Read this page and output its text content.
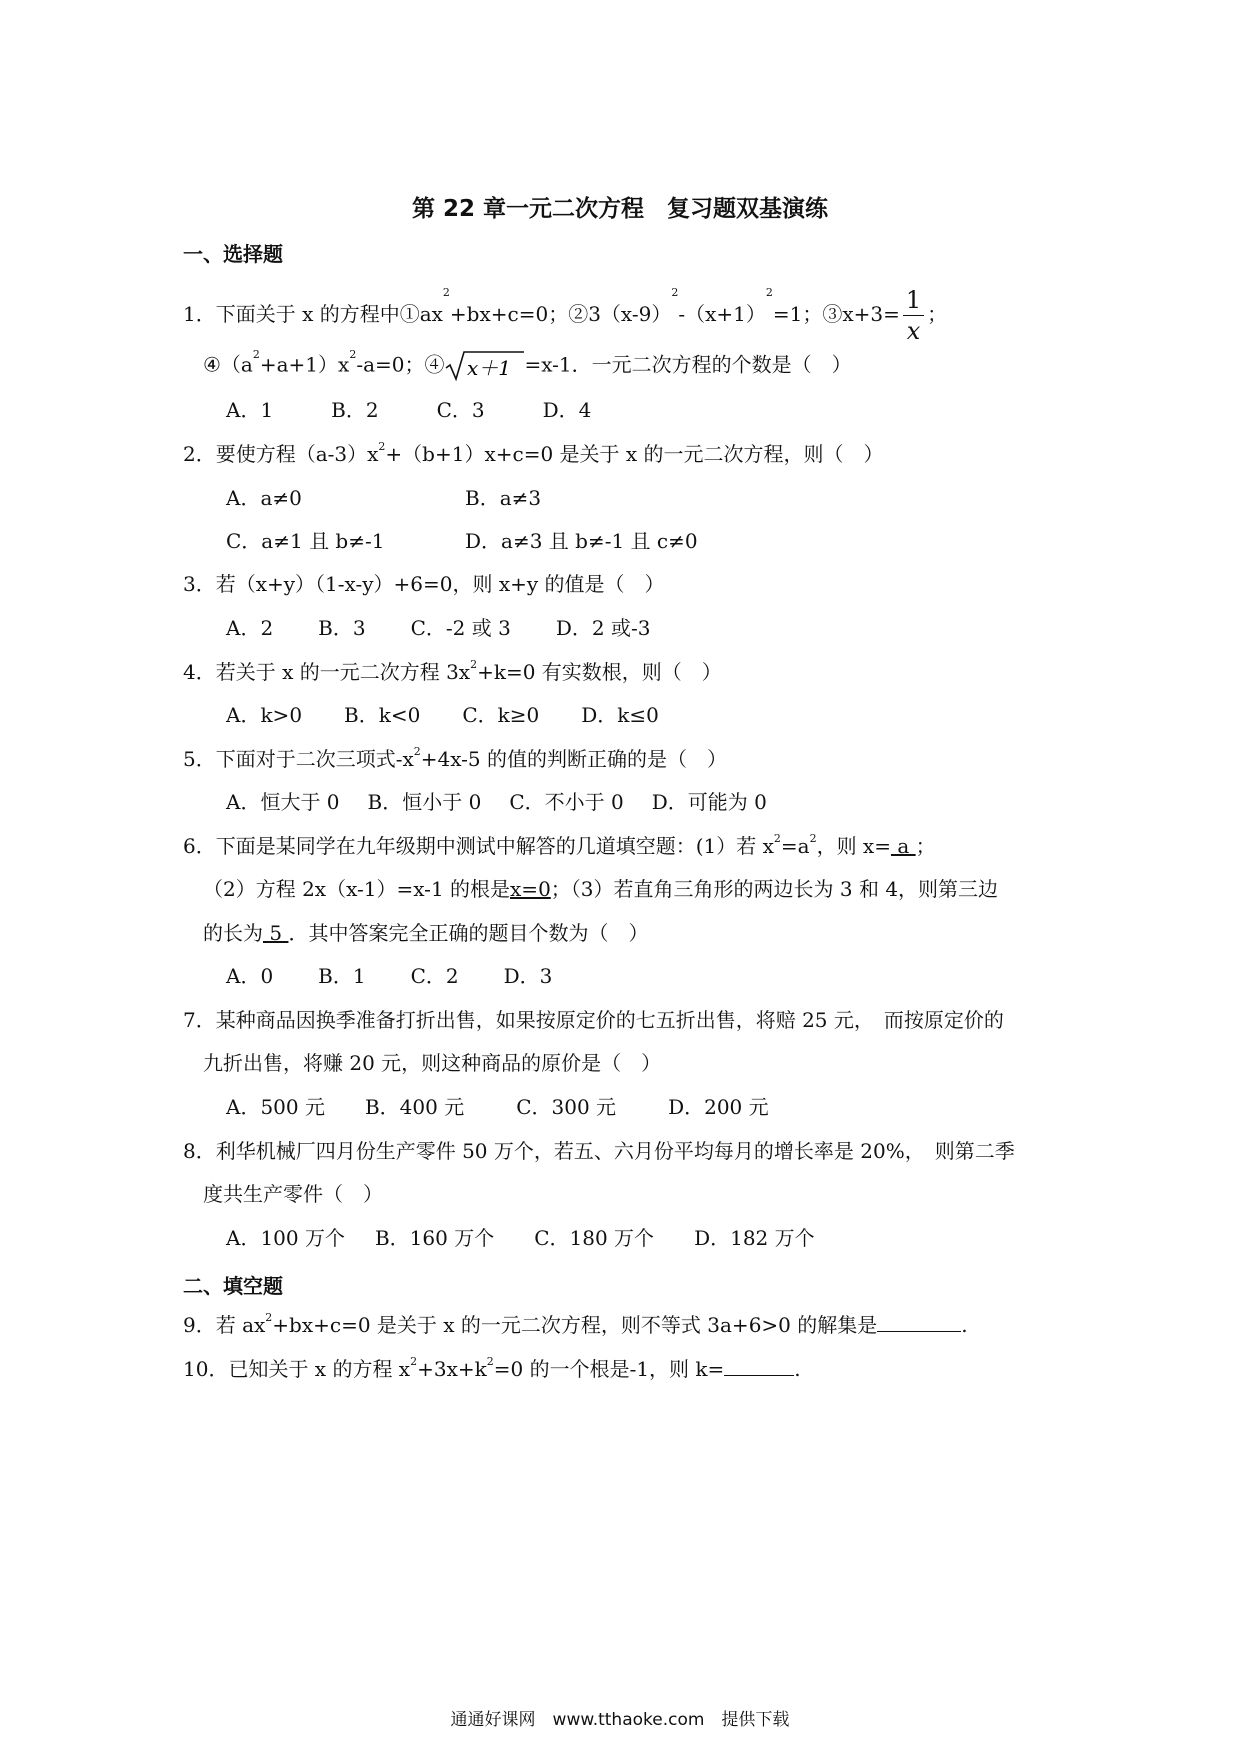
第 22 章一元二次方程　复习题双基演练
一、选择题
1．下面关于 x 的方程中$①ax^2+bx+c=0$；$②3(x-9)^2-(x+1)^2=1$；③x+3= $\frac{1}{x}$ ；
$④(a^2+a+1)x^2-a=0$；④ x＋1 =x-1．一元二次方程的个数是（　）
A．1	B．2	C．3	D．4
2．要使方程$(a-3)x^2+(b+1)x+c=0$ 是关于 x 的一元二次方程，则（　）
A．a≠0	B．a≠3
C．a≠1 且 b≠-1	D．a≠3 且 b≠-1 且 c≠0
3．若（x+y）（1-x-y）+6=0，则 x+y 的值是（　）
A．2 B．3 C．-2 或 3 D．2 或-3
4．若关于 x 的一元二次方程 $3x^2+k=0$ 有实数根，则（　）
A．k>0 B．k<0 C．k≥0 D．k≤0
5．下面对于二次三项式$-x^2+4x-5$ 的值的判断正确的是（　）
A．恒大于 0 B．恒小于 0 C．不小于 0 D．可能为 0
6．下面是某同学在九年级期中测试中解答的几道填空题：(1）若 $x^2=a^2$，则 x= a ；
（2）方程 2x（x-1）=x-1 的根是x=0；（3）若直角三角形的两边长为 3 和 4，则第三边
的长为 5 ．其中答案完全正确的题目个数为（　）
A．0 B．1 C．2 D．3
7．某种商品因换季准备打折出售，如果按原定价的七五折出售，将赔 25 元，　而按原定价的
九折出售，将赚 20 元，则这种商品的原价是（　）
A．500 元 B．400 元	C．300 元	D．200 元
8．利华机械厂四月份生产零件 50 万个，若五、六月份平均每月的增长率是 20%，　则第二季
度共生产零件（　）
A．100 万个 B．160 万个 C．180 万个 D．182 万个
二、填空题
9．若 $ax^2+bx+c=0$ 是关于 x 的一元二次方程，则不等式 3a+6>0 的解集是	.
10．已知关于 x 的方程 $x^2+3x+k^2=0$ 的一个根是-1，则 k=	.
通通好课网　www.tthaoke.com　提供下载
